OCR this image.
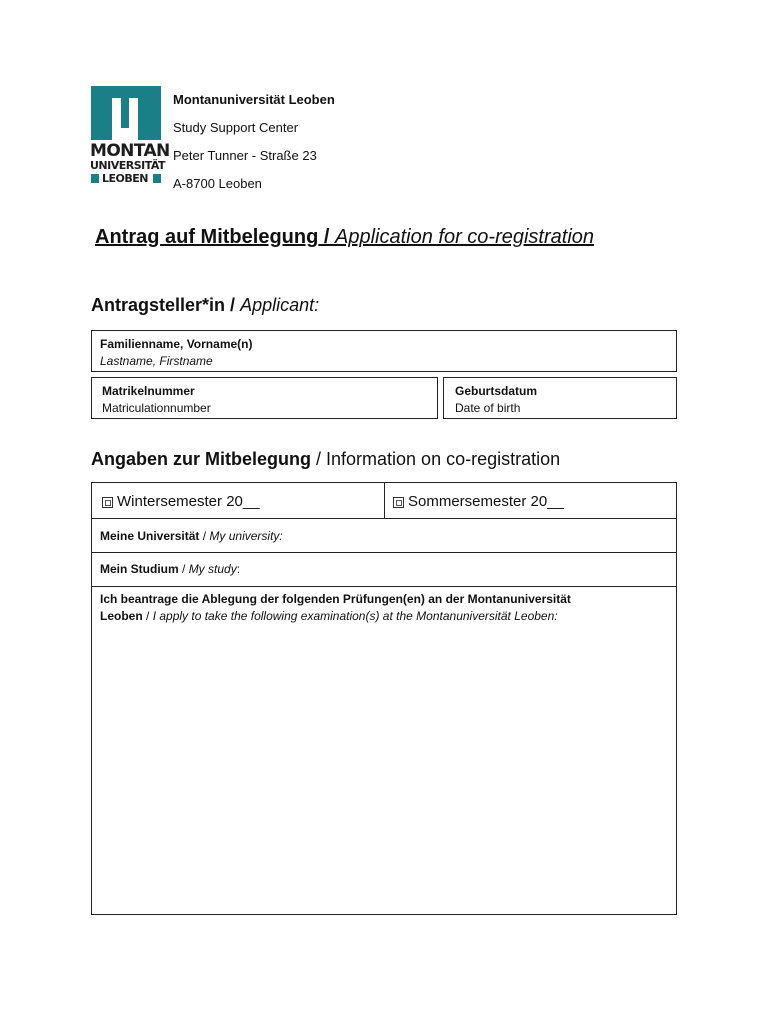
MONTAN
UNIVERSITÄT
LEOBEN
Montanuniversität Leoben
Study Support Center
Peter Tunner - Straße 23
A-8700 Leoben
Antrag auf Mitbelegung / Application for co-registration
Antragsteller*in / Applicant:
Familienname, Vorname(n)
Lastname, Firstname
Matrikelnummer
Matriculationnumber
Geburtsdatum
Date of birth
Angaben zur Mitbelegung / Information on co-registration
Wintersemester 20__	Sommersemester 20__
Meine Universität / My university:
Mein Studium / My study:
Ich beantrage die Ablegung der folgenden Prüfungen(en) an der Montanuniversität
Leoben / I apply to take the following examination(s) at the Montanuniversität Leoben:
